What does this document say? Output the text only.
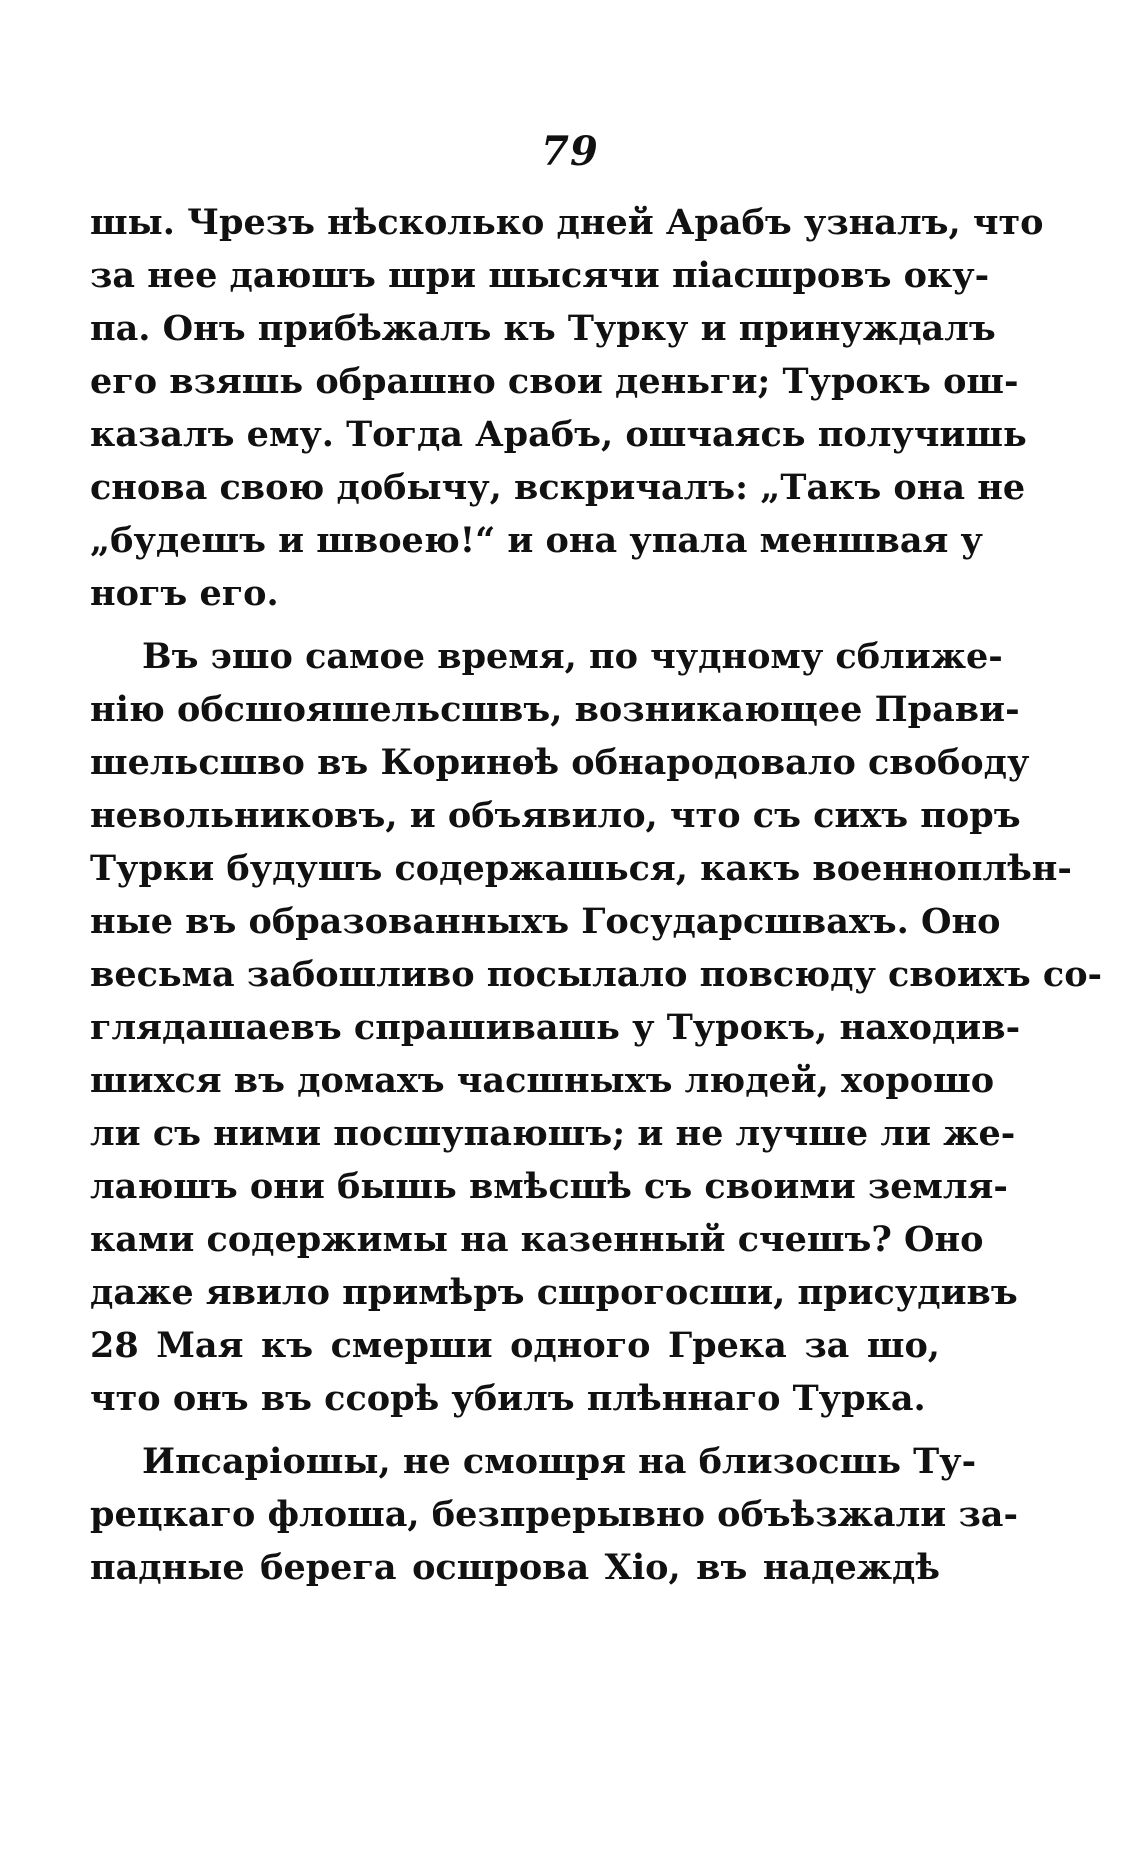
79
шы. Чрезъ нѣсколько дней Арабъ узналъ, что
за нее даюшъ шри шысячи піасшровъ оку-
па. Онъ прибѣжалъ къ Турку и принуждалъ
его взяшь обрашно свои деньги; Турокъ ош-
казалъ ему. Тогда Арабъ, ошчаясь получишь
снова свою добычу, вскричалъ: „Такъ она не
„будешъ и швоею!“ и она упала меншвая у
ногъ его.
Въ эшо самое время, по чудному сближе-
нію обсшояшельсшвъ, возникающее Прави-
шельсшво въ Коринѳѣ обнародовало свободу
невольниковъ, и объявило, что съ сихъ поръ
Турки будушъ содержашься, какъ военноплѣн-
ные въ образованныхъ Государсшвахъ. Оно
весьма забошливо посылало повсюду своихъ со-
глядашаевъ спрашивашь у Турокъ, находив-
шихся въ домахъ часшныхъ людей, хорошо
ли съ ними посшупаюшъ; и не лучше ли же-
лаюшъ они бышь вмѣсшѣ съ своими земля-
ками содержимы на казенный счешъ? Оно
даже явило примѣръ сшрогосши, присудивъ
28 Мая къ смерши одного Грека за шо,
что онъ въ ссорѣ убилъ плѣннаго Турка.
Ипсаріошы, не смошря на близосшь Ту-
рецкаго флоша, безпрерывно объѣзжали за-
падные берега осшрова Хіо, въ надеждѣ
